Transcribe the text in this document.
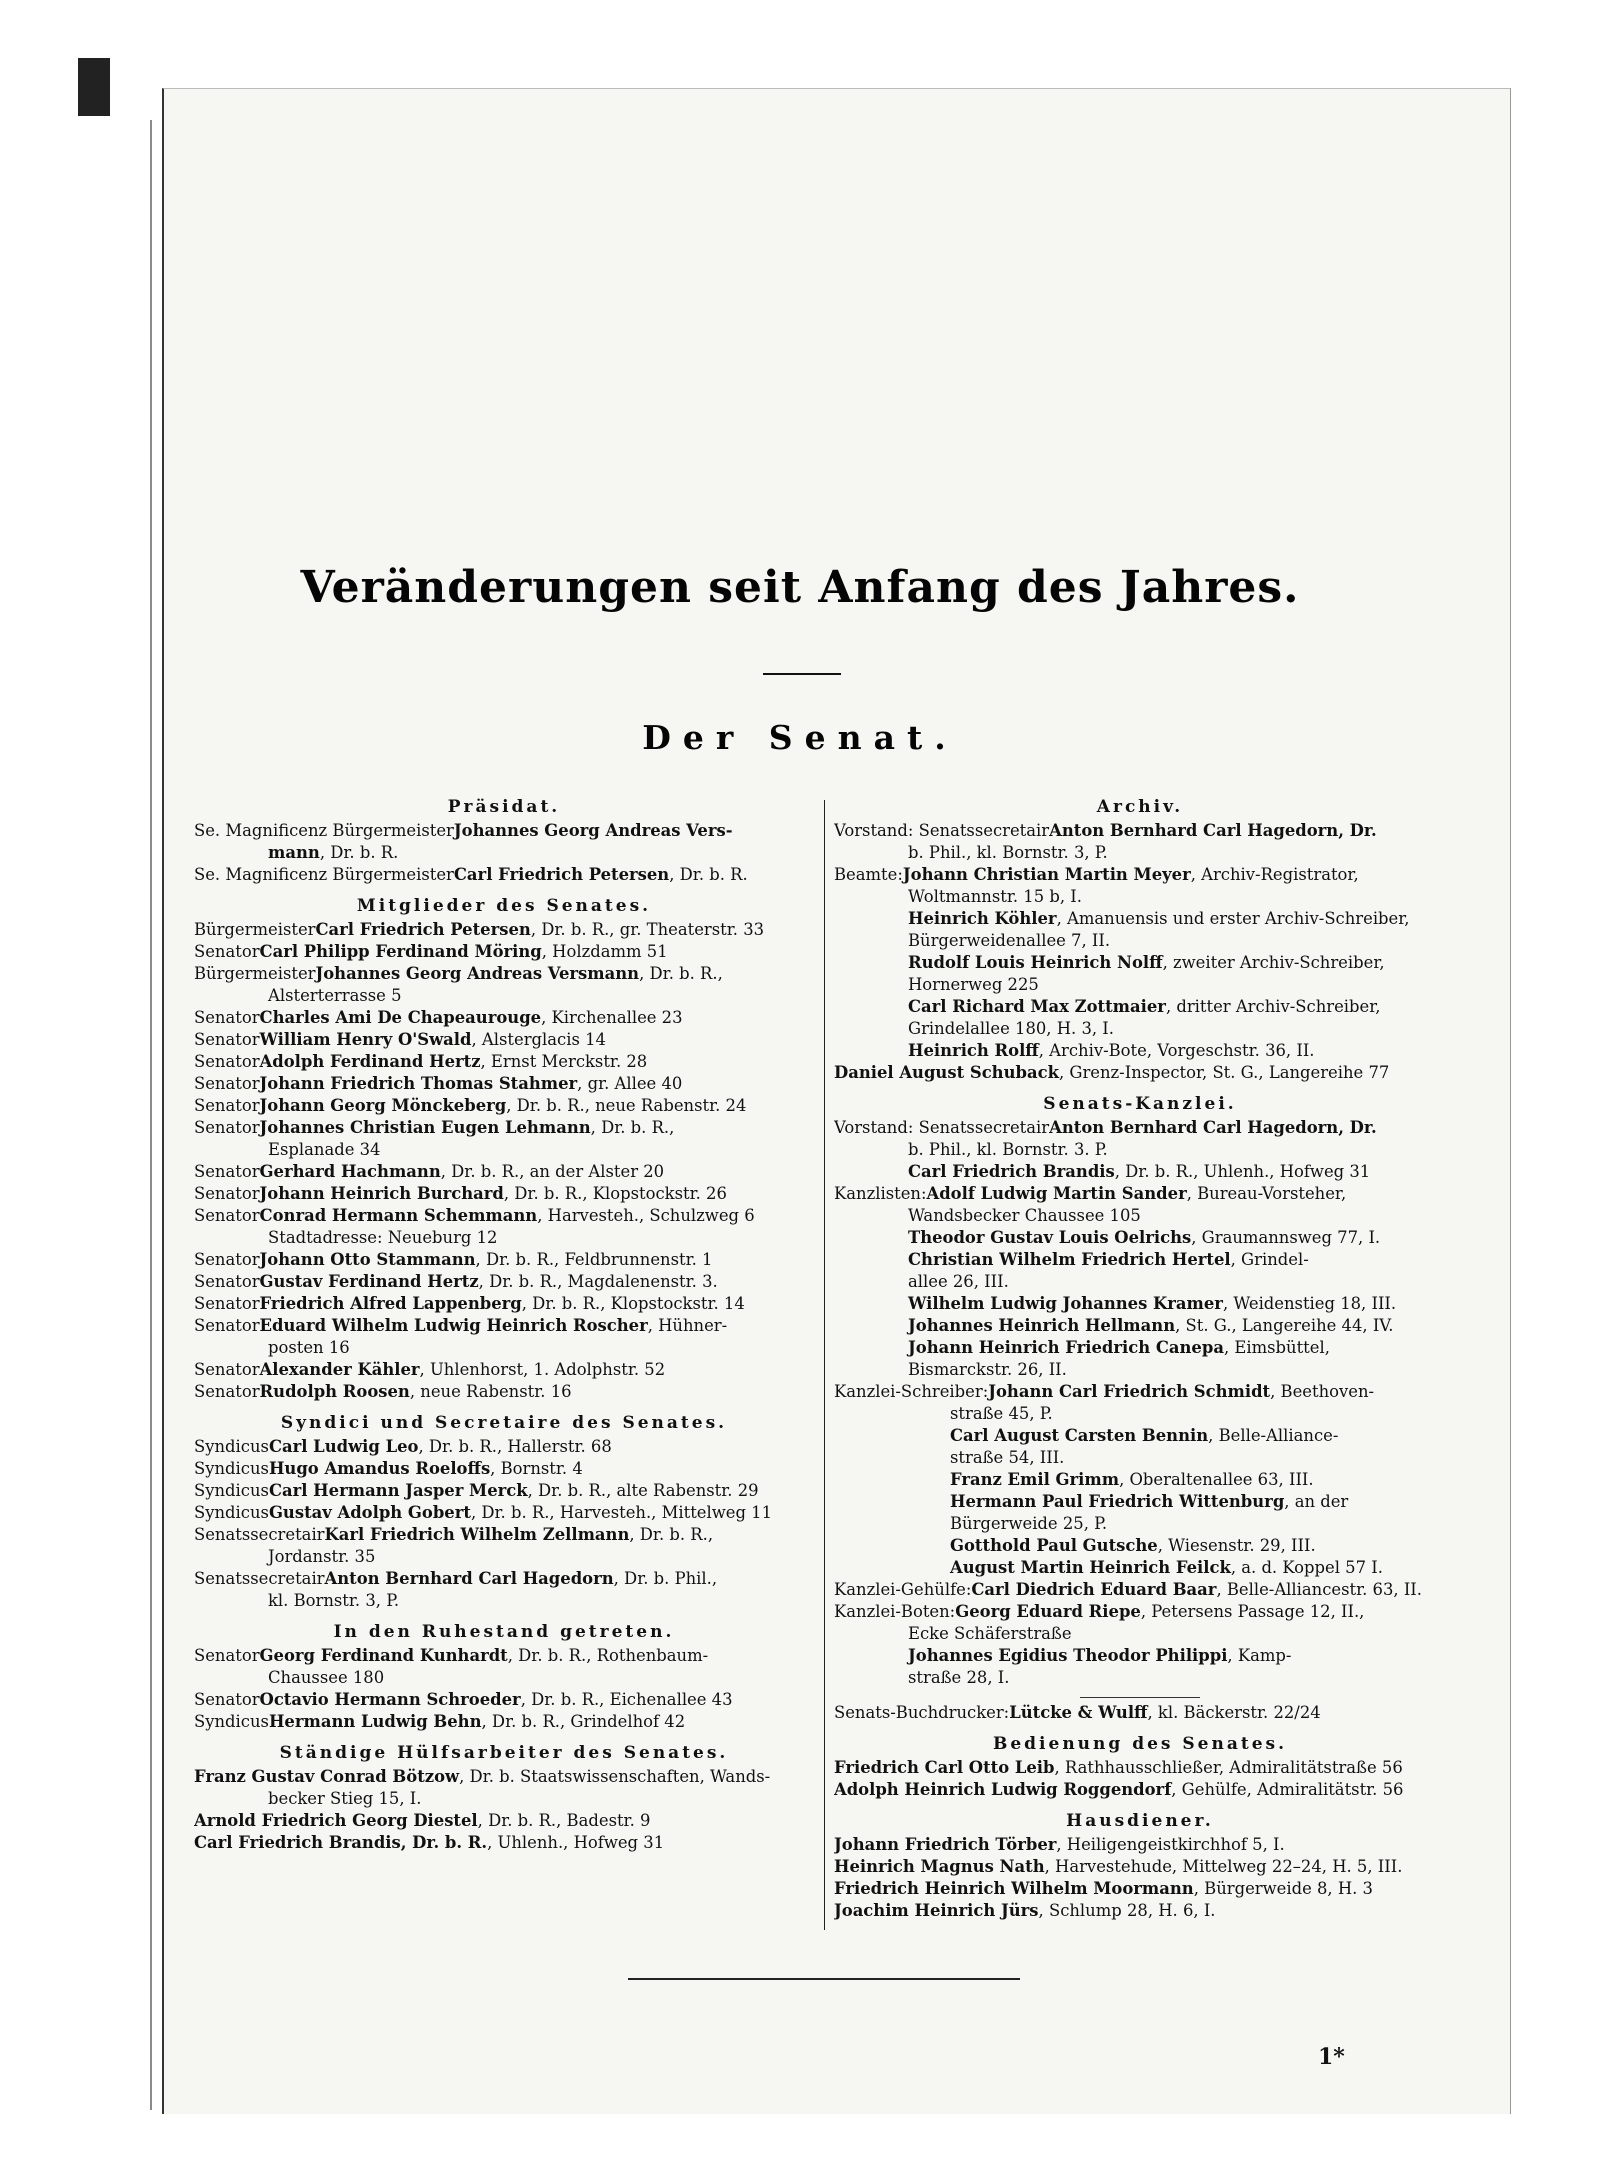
Veränderungen seit Anfang des Jahres.
Der Senat.
Präsidat.
Se. Magnificenz BürgermeisterJohannes Georg Andreas Vers-
mann, Dr. b. R.
Se. Magnificenz BürgermeisterCarl Friedrich Petersen, Dr. b. R.
Mitglieder des Senates.
BürgermeisterCarl Friedrich Petersen, Dr. b. R., gr. Theaterstr. 33
SenatorCarl Philipp Ferdinand Möring, Holzdamm 51
BürgermeisterJohannes Georg Andreas Versmann, Dr. b. R.,
Alsterterrasse 5
SenatorCharles Ami De Chapeaurouge, Kirchenallee 23
SenatorWilliam Henry O'Swald, Alsterglacis 14
SenatorAdolph Ferdinand Hertz, Ernst Merckstr. 28
SenatorJohann Friedrich Thomas Stahmer, gr. Allee 40
SenatorJohann Georg Mönckeberg, Dr. b. R., neue Rabenstr. 24
SenatorJohannes Christian Eugen Lehmann, Dr. b. R.,
Esplanade 34
SenatorGerhard Hachmann, Dr. b. R., an der Alster 20
SenatorJohann Heinrich Burchard, Dr. b. R., Klopstockstr. 26
SenatorConrad Hermann Schemmann, Harvesteh., Schulzweg 6
Stadtadresse: Neueburg 12
SenatorJohann Otto Stammann, Dr. b. R., Feldbrunnenstr. 1
SenatorGustav Ferdinand Hertz, Dr. b. R., Magdalenenstr. 3.
SenatorFriedrich Alfred Lappenberg, Dr. b. R., Klopstockstr. 14
SenatorEduard Wilhelm Ludwig Heinrich Roscher, Hühner-
posten 16
SenatorAlexander Kähler, Uhlenhorst, 1. Adolphstr. 52
SenatorRudolph Roosen, neue Rabenstr. 16
Syndici und Secretaire des Senates.
SyndicusCarl Ludwig Leo, Dr. b. R., Hallerstr. 68
SyndicusHugo Amandus Roeloffs, Bornstr. 4
SyndicusCarl Hermann Jasper Merck, Dr. b. R., alte Rabenstr. 29
SyndicusGustav Adolph Gobert, Dr. b. R., Harvesteh., Mittelweg 11
SenatssecretairKarl Friedrich Wilhelm Zellmann, Dr. b. R.,
Jordanstr. 35
SenatssecretairAnton Bernhard Carl Hagedorn, Dr. b. Phil.,
kl. Bornstr. 3, P.
In den Ruhestand getreten.
SenatorGeorg Ferdinand Kunhardt, Dr. b. R., Rothenbaum-
Chaussee 180
SenatorOctavio Hermann Schroeder, Dr. b. R., Eichenallee 43
SyndicusHermann Ludwig Behn, Dr. b. R., Grindelhof 42
Ständige Hülfsarbeiter des Senates.
Franz Gustav Conrad Bötzow, Dr. b. Staatswissenschaften, Wands-
becker Stieg 15, I.
Arnold Friedrich Georg Diestel, Dr. b. R., Badestr. 9
Carl Friedrich Brandis, Dr. b. R., Uhlenh., Hofweg 31
Archiv.
Vorstand: SenatssecretairAnton Bernhard Carl Hagedorn, Dr.
b. Phil., kl. Bornstr. 3, P.
Beamte:Johann Christian Martin Meyer, Archiv-Registrator,
Woltmannstr. 15 b, I.
Heinrich Köhler, Amanuensis und erster Archiv-Schreiber,
Bürgerweidenallee 7, II.
Rudolf Louis Heinrich Nolff, zweiter Archiv-Schreiber,
Hornerweg 225
Carl Richard Max Zottmaier, dritter Archiv-Schreiber,
Grindelallee 180, H. 3, I.
Heinrich Rolff, Archiv-Bote, Vorgeschstr. 36, II.
Daniel August Schuback, Grenz-Inspector, St. G., Langereihe 77
Senats-Kanzlei.
Vorstand: SenatssecretairAnton Bernhard Carl Hagedorn, Dr.
b. Phil., kl. Bornstr. 3. P.
Carl Friedrich Brandis, Dr. b. R., Uhlenh., Hofweg 31
Kanzlisten:Adolf Ludwig Martin Sander, Bureau-Vorsteher,
Wandsbecker Chaussee 105
Theodor Gustav Louis Oelrichs, Graumannsweg 77, I.
Christian Wilhelm Friedrich Hertel, Grindel-
allee 26, III.
Wilhelm Ludwig Johannes Kramer, Weidenstieg 18, III.
Johannes Heinrich Hellmann, St. G., Langereihe 44, IV.
Johann Heinrich Friedrich Canepa, Eimsbüttel,
Bismarckstr. 26, II.
Kanzlei-Schreiber:Johann Carl Friedrich Schmidt, Beethoven-
straße 45, P.
Carl August Carsten Bennin, Belle-Alliance-
straße 54, III.
Franz Emil Grimm, Oberaltenallee 63, III.
Hermann Paul Friedrich Wittenburg, an der
Bürgerweide 25, P.
Gotthold Paul Gutsche, Wiesenstr. 29, III.
August Martin Heinrich Feilck, a. d. Koppel 57 I.
Kanzlei-Gehülfe:Carl Diedrich Eduard Baar, Belle-Alliancestr. 63, II.
Kanzlei-Boten:Georg Eduard Riepe, Petersens Passage 12, II.,
Ecke Schäferstraße
Johannes Egidius Theodor Philippi, Kamp-
straße 28, I.
Senats-Buchdrucker:Lütcke & Wulff, kl. Bäckerstr. 22/24
Bedienung des Senates.
Friedrich Carl Otto Leib, Rathhausschließer, Admiralitätstraße 56
Adolph Heinrich Ludwig Roggendorf, Gehülfe, Admiralitätstr. 56
Hausdiener.
Johann Friedrich Törber, Heiligengeistkirchhof 5, I.
Heinrich Magnus Nath, Harvestehude, Mittelweg 22–24, H. 5, III.
Friedrich Heinrich Wilhelm Moormann, Bürgerweide 8, H. 3
Joachim Heinrich Jürs, Schlump 28, H. 6, I.
1*
